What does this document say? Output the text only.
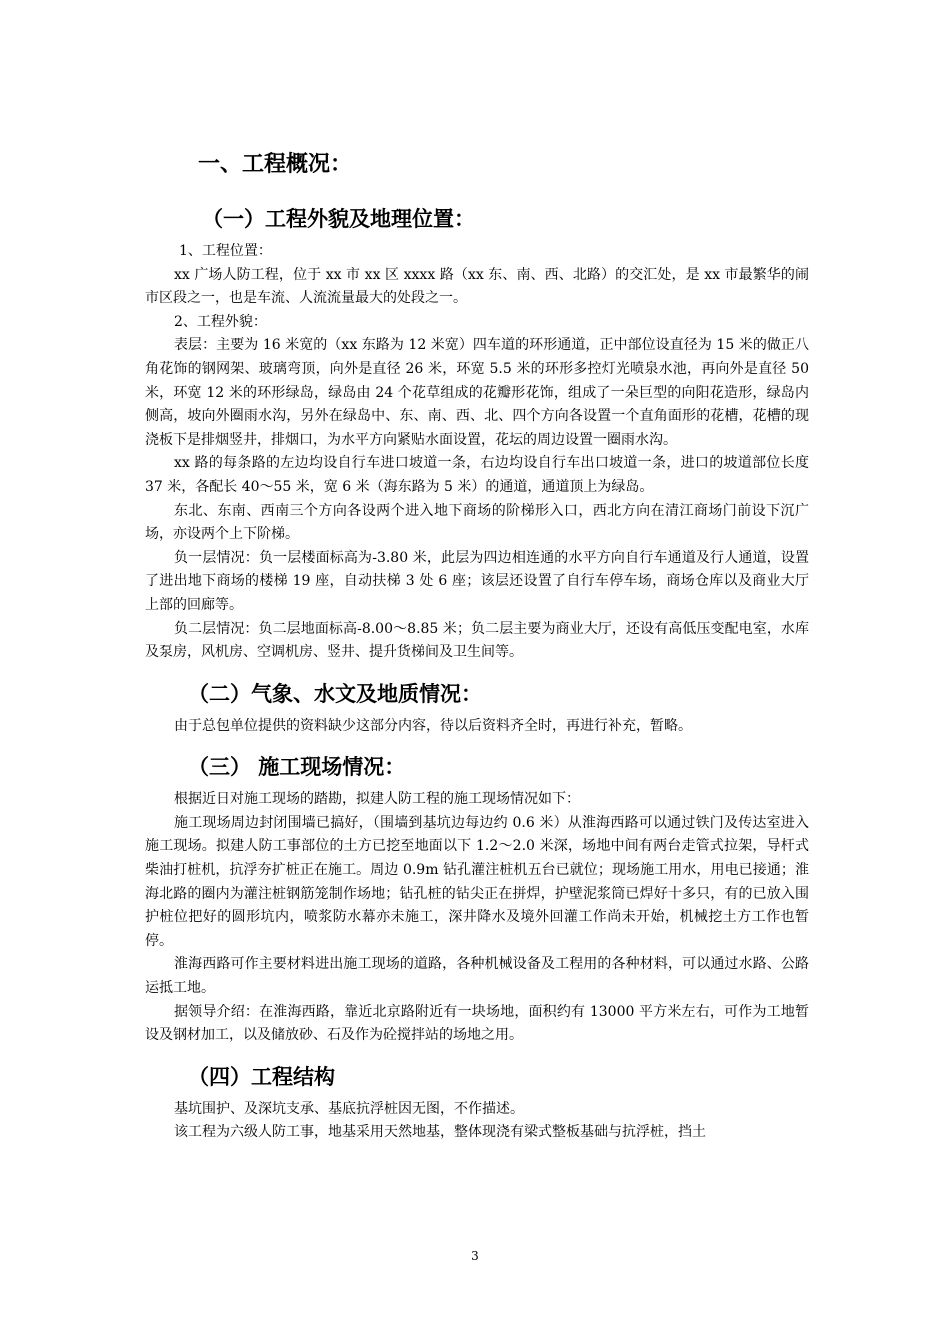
一、工程概况：
（一）工程外貌及地理位置：

1、工程位置：

xx 广场人防工程，位于 xx 市 xx 区 xxxx 路（xx 东、南、西、北路）的交汇处，是 xx 市最繁华的闹市区段之一，也是车流、人流流量最大的处段之一。

2、工程外貌：

表层：主要为 16 米宽的（xx 东路为 12 米宽）四车道的环形通道，正中部位设直径为 15 米的做正八角花饰的钢网架、玻璃弯顶，向外是直径 26 米，环宽 5.5 米的环形多控灯光喷泉水池，再向外是直径 50 米，环宽 12 米的环形绿岛，绿岛由 24 个花草组成的花瓣形花饰，组成了一朵巨型的向阳花造形，绿岛内侧高，坡向外圈雨水沟，另外在绿岛中、东、南、西、北、四个方向各设置一个直角面形的花槽，花槽的现浇板下是排烟竖井，排烟口，为水平方向紧贴水面设置，花坛的周边设置一圈雨水沟。

xx 路的每条路的左边均设自行车进口坡道一条，右边均设自行车出口坡道一条，进口的坡道部位长度 37 米，各配长 40～55 米，宽 6 米（海东路为 5 米）的通道，通道顶上为绿岛。

东北、东南、西南三个方向各设两个进入地下商场的阶梯形入口，西北方向在清江商场门前设下沉广场，亦设两个上下阶梯。

负一层情况：负一层楼面标高为-3.80 米，此层为四边相连通的水平方向自行车通道及行人通道，设置了进出地下商场的楼梯 19 座，自动扶梯 3 处 6 座；该层还设置了自行车停车场，商场仓库以及商业大厅上部的回廊等。

负二层情况：负二层地面标高-8.00～8.85 米；负二层主要为商业大厅，还设有高低压变配电室，水库及泵房，风机房、空调机房、竖井、提升货梯间及卫生间等。

（二）气象、水文及地质情况：

由于总包单位提供的资料缺少这部分内容，待以后资料齐全时，再进行补充，暂略。

（三） 施工现场情况：

根据近日对施工现场的踏勘，拟建人防工程的施工现场情况如下：

施工现场周边封闭围墙已搞好，（围墙到基坑边每边约 0.6 米）从淮海西路可以通过铁门及传达室进入施工现场。拟建人防工事部位的土方已挖至地面以下 1.2～2.0 米深，场地中间有两台走管式拉架，导杆式柴油打桩机，抗浮夯扩桩正在施工。周边 0.9m 钻孔灌注桩机五台已就位；现场施工用水，用电已接通；淮海北路的圈内为灌注桩钢筋笼制作场地；钻孔桩的钻尖正在拼焊，护壁泥浆筒已焊好十多只，有的已放入围护桩位把好的圆形坑内，喷浆防水幕亦未施工，深井降水及境外回灌工作尚未开始，机械挖土方工作也暂停。

淮海西路可作主要材料进出施工现场的道路，各种机械设备及工程用的各种材料，可以通过水路、公路运抵工地。

据领导介绍：在淮海西路，靠近北京路附近有一块场地，面积约有 13000 平方米左右，可作为工地暂设及钢材加工，以及储放砂、石及作为砼搅拌站的场地之用。

（四）工程结构

基坑围护、及深坑支承、基底抗浮桩因无图，不作描述。

该工程为六级人防工事，地基采用天然地基，整体现浇有梁式整板基础与抗浮桩，挡土

3
